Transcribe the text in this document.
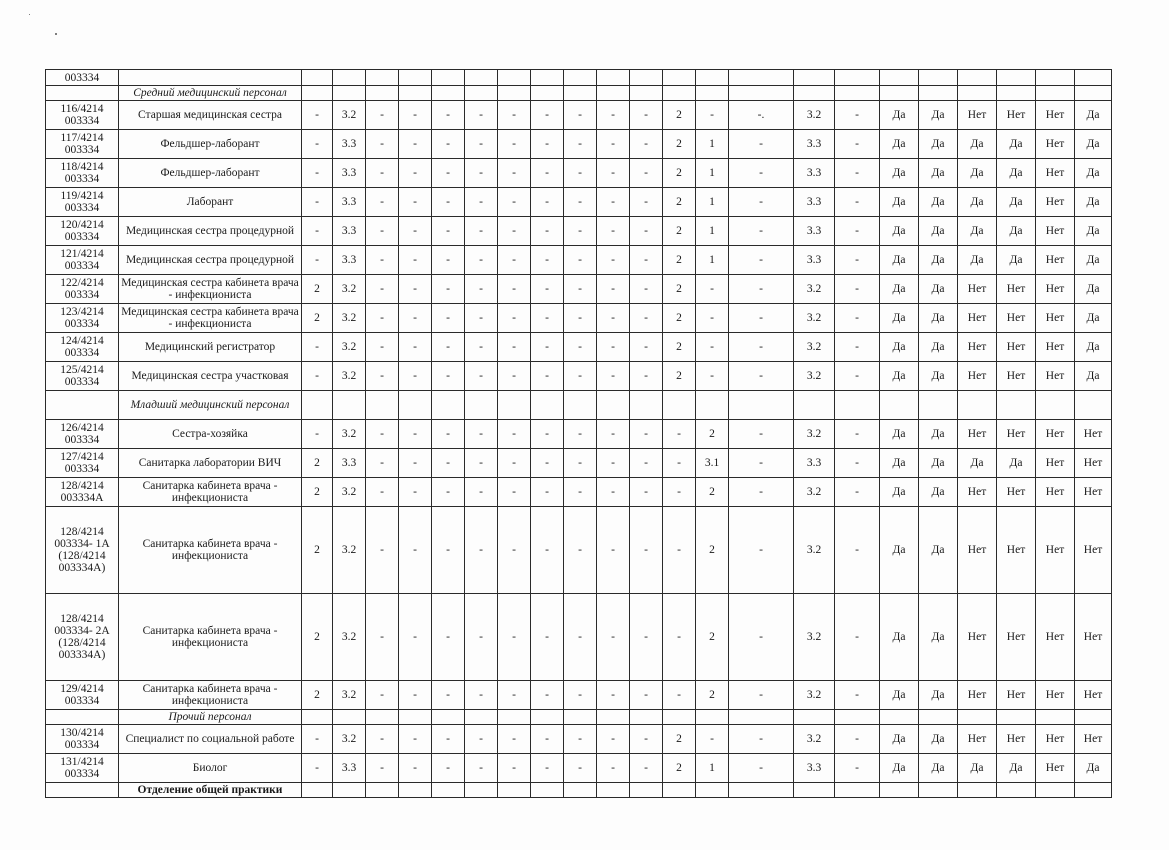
003334																							
	Средний медицинский персонал																						
116/4214 003334	Старшая медицинская сестра	-	3.2	-	-	-	-	-	-	-	-	-	2	-	-.	3.2	-	Да	Да	Нет	Нет	Нет	Да
117/4214 003334	Фельдшер-лаборант	-	3.3	-	-	-	-	-	-	-	-	-	2	1	-	3.3	-	Да	Да	Да	Да	Нет	Да
118/4214 003334	Фельдшер-лаборант	-	3.3	-	-	-	-	-	-	-	-	-	2	1	-	3.3	-	Да	Да	Да	Да	Нет	Да
119/4214 003334	Лаборант	-	3.3	-	-	-	-	-	-	-	-	-	2	1	-	3.3	-	Да	Да	Да	Да	Нет	Да
120/4214 003334	Медицинская сестра процедурной	-	3.3	-	-	-	-	-	-	-	-	-	2	1	-	3.3	-	Да	Да	Да	Да	Нет	Да
121/4214 003334	Медицинская сестра процедурной	-	3.3	-	-	-	-	-	-	-	-	-	2	1	-	3.3	-	Да	Да	Да	Да	Нет	Да
122/4214 003334	Медицинская сестра кабинета врача - инфекциониста	2	3.2	-	-	-	-	-	-	-	-	-	2	-	-	3.2	-	Да	Да	Нет	Нет	Нет	Да
123/4214 003334	Медицинская сестра кабинета врача - инфекциониста	2	3.2	-	-	-	-	-	-	-	-	-	2	-	-	3.2	-	Да	Да	Нет	Нет	Нет	Да
124/4214 003334	Медицинский регистратор	-	3.2	-	-	-	-	-	-	-	-	-	2	-	-	3.2	-	Да	Да	Нет	Нет	Нет	Да
125/4214 003334	Медицинская сестра участковая	-	3.2	-	-	-	-	-	-	-	-	-	2	-	-	3.2	-	Да	Да	Нет	Нет	Нет	Да
	Младший медицинский персонал																						
126/4214 003334	Сестра-хозяйка	-	3.2	-	-	-	-	-	-	-	-	-	-	2	-	3.2	-	Да	Да	Нет	Нет	Нет	Нет
127/4214 003334	Санитарка лаборатории ВИЧ	2	3.3	-	-	-	-	-	-	-	-	-	-	3.1	-	3.3	-	Да	Да	Да	Да	Нет	Нет
128/4214 003334А	Санитарка кабинета врача - инфекциониста	2	3.2	-	-	-	-	-	-	-	-	-	-	2	-	3.2	-	Да	Да	Нет	Нет	Нет	Нет
128/4214 003334- 1А (128/4214 003334А)	Санитарка кабинета врача - инфекциониста	2	3.2	-	-	-	-	-	-	-	-	-	-	2	-	3.2	-	Да	Да	Нет	Нет	Нет	Нет
128/4214 003334- 2А (128/4214 003334А)	Санитарка кабинета врача - инфекциониста	2	3.2	-	-	-	-	-	-	-	-	-	-	2	-	3.2	-	Да	Да	Нет	Нет	Нет	Нет
129/4214 003334	Санитарка кабинета врача - инфекциониста	2	3.2	-	-	-	-	-	-	-	-	-	-	2	-	3.2	-	Да	Да	Нет	Нет	Нет	Нет
	Прочий персонал																						
130/4214 003334	Специалист по социальной работе	-	3.2	-	-	-	-	-	-	-	-	-	2	-	-	3.2	-	Да	Да	Нет	Нет	Нет	Нет
131/4214 003334	Биолог	-	3.3	-	-	-	-	-	-	-	-	-	2	1	-	3.3	-	Да	Да	Да	Да	Нет	Да
	Отделение общей практики																						
